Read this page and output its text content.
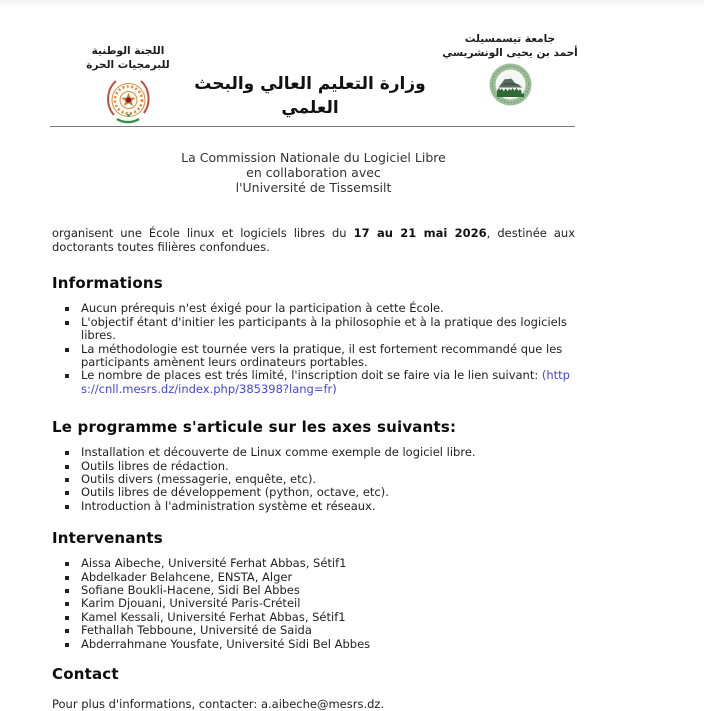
اللجنة الوطنية
للبرمجيات الحرة
وزارة التعليم العالي والبحث
العلمي
جامعة تيسمسيلت
أحمد بن يحيى الونشريسي
La Commission Nationale du Logiciel Libre
en collaboration avec
l'Université de Tissemsilt

organisent une École linux et logiciels libres du 17 au 21 mai 2026, destinée aux doctorants toutes filières confondues.

Informations
▪ Aucun prérequis n'est éxigé pour la participation à cette École.
▪ L'objectif étant d'initier les participants à la philosophie et à la pratique des logiciels libres.
▪ La méthodologie est tournée vers la pratique, il est fortement recommandé que les participants amènent leurs ordinateurs portables.
▪ Le nombre de places est trés limité, l'inscription doit se faire via le lien suivant: (https://cnll.mesrs.dz/index.php/385398?lang=fr)
Le programme s'articule sur les axes suivants:
▪ Installation et découverte de Linux comme exemple de logiciel libre.
▪ Outils libres de rédaction.
▪ Outils divers (messagerie, enquête, etc).
▪ Outils libres de développement (python, octave, etc).
▪ Introduction à l'administration système et réseaux.
Intervenants
▪ Aissa Aibeche, Université Ferhat Abbas, Sétif1
▪ Abdelkader Belahcene, ENSTA, Alger
▪ Sofiane Boukli-Hacene, Sidi Bel Abbes
▪ Karim Djouani, Université Paris-Créteil
▪ Kamel Kessali, Université Ferhat Abbas, Sétif1
▪ Fethallah Tebboune, Université de Saida
▪ Abderrahmane Yousfate, Université Sidi Bel Abbes
Contact

Pour plus d'informations, contacter: a.aibeche@mesrs.dz.
